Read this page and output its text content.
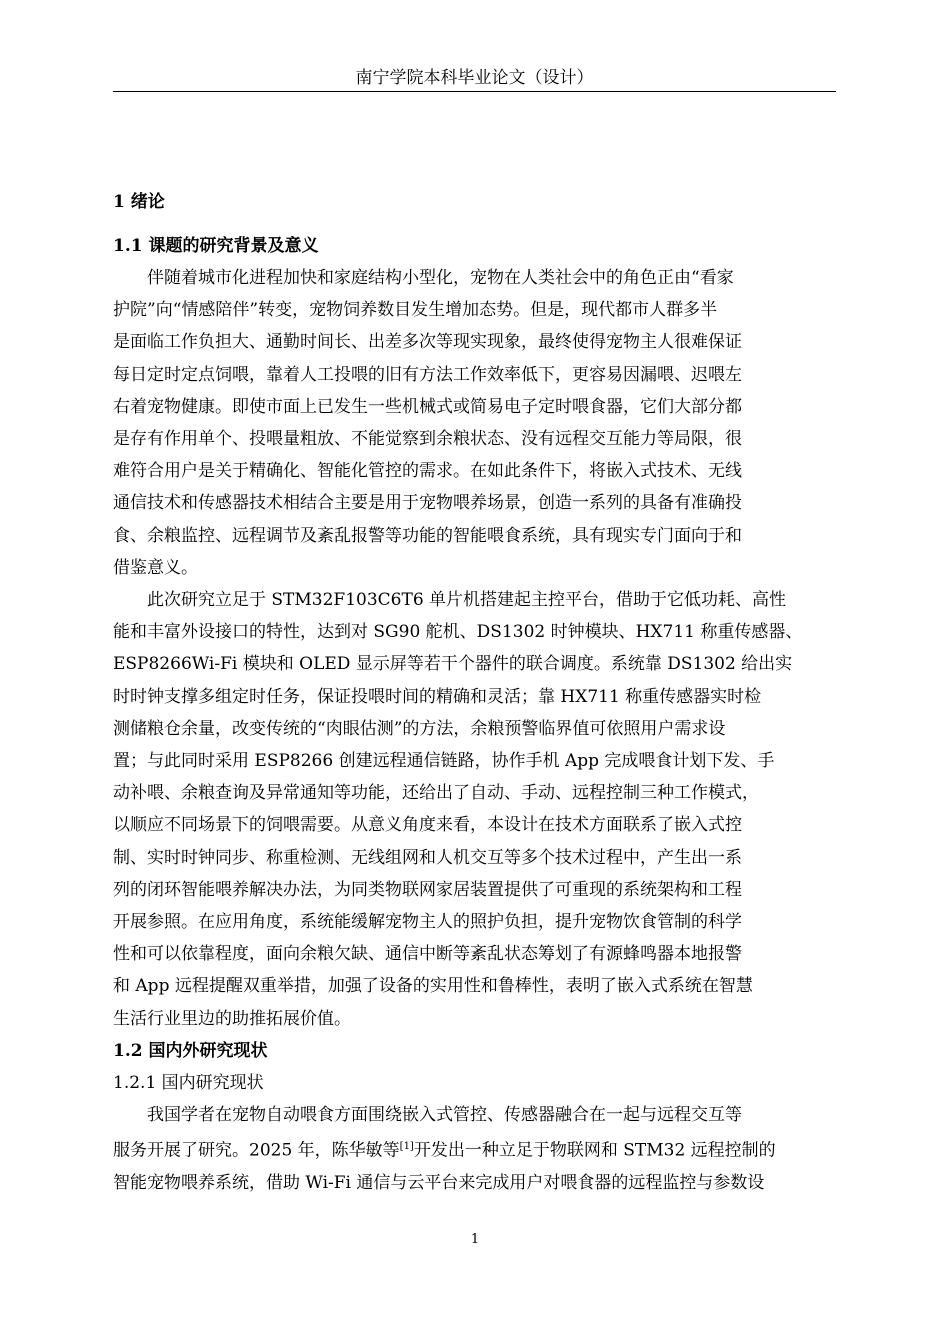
南宁学院本科毕业论文（设计）
1 绪论
1.1 课题的研究背景及意义
伴随着城市化进程加快和家庭结构小型化，宠物在人类社会中的角色正由“看家
护院”向“情感陪伴”转变，宠物饲养数目发生增加态势。但是，现代都市人群多半
是面临工作负担大、通勤时间长、出差多次等现实现象，最终使得宠物主人很难保证
每日定时定点饲喂，靠着人工投喂的旧有方法工作效率低下，更容易因漏喂、迟喂左
右着宠物健康。即使市面上已发生一些机械式或简易电子定时喂食器，它们大部分都
是存有作用单个、投喂量粗放、不能觉察到余粮状态、没有远程交互能力等局限，很
难符合用户是关于精确化、智能化管控的需求。在如此条件下，将嵌入式技术、无线
通信技术和传感器技术相结合主要是用于宠物喂养场景，创造一系列的具备有准确投
食、余粮监控、远程调节及紊乱报警等功能的智能喂食系统，具有现实专门面向于和
借鉴意义。
此次研究立足于 STM32F103C6T6 单片机搭建起主控平台，借助于它低功耗、高性
能和丰富外设接口的特性，达到对 SG90 舵机、DS1302 时钟模块、HX711 称重传感器、
ESP8266Wi-Fi 模块和 OLED 显示屏等若干个器件的联合调度。系统靠 DS1302 给出实
时时钟支撑多组定时任务，保证投喂时间的精确和灵活；靠 HX711 称重传感器实时检
测储粮仓余量，改变传统的“肉眼估测”的方法，余粮预警临界值可依照用户需求设
置；与此同时采用 ESP8266 创建远程通信链路，协作手机 App 完成喂食计划下发、手
动补喂、余粮查询及异常通知等功能，还给出了自动、手动、远程控制三种工作模式，
以顺应不同场景下的饲喂需要。从意义角度来看，本设计在技术方面联系了嵌入式控
制、实时时钟同步、称重检测、无线组网和人机交互等多个技术过程中，产生出一系
列的闭环智能喂养解决办法，为同类物联网家居装置提供了可重现的系统架构和工程
开展参照。在应用角度，系统能缓解宠物主人的照护负担，提升宠物饮食管制的科学
性和可以依靠程度，面向余粮欠缺、通信中断等紊乱状态筹划了有源蜂鸣器本地报警
和 App 远程提醒双重举措，加强了设备的实用性和鲁棒性，表明了嵌入式系统在智慧
生活行业里边的助推拓展价值。
1.2 国内外研究现状
1.2.1 国内研究现状
我国学者在宠物自动喂食方面围绕嵌入式管控、传感器融合在一起与远程交互等
服务开展了研究。2025 年，陈华敏等[1]开发出一种立足于物联网和 STM32 远程控制的
智能宠物喂养系统，借助 Wi-Fi 通信与云平台来完成用户对喂食器的远程监控与参数设
1
